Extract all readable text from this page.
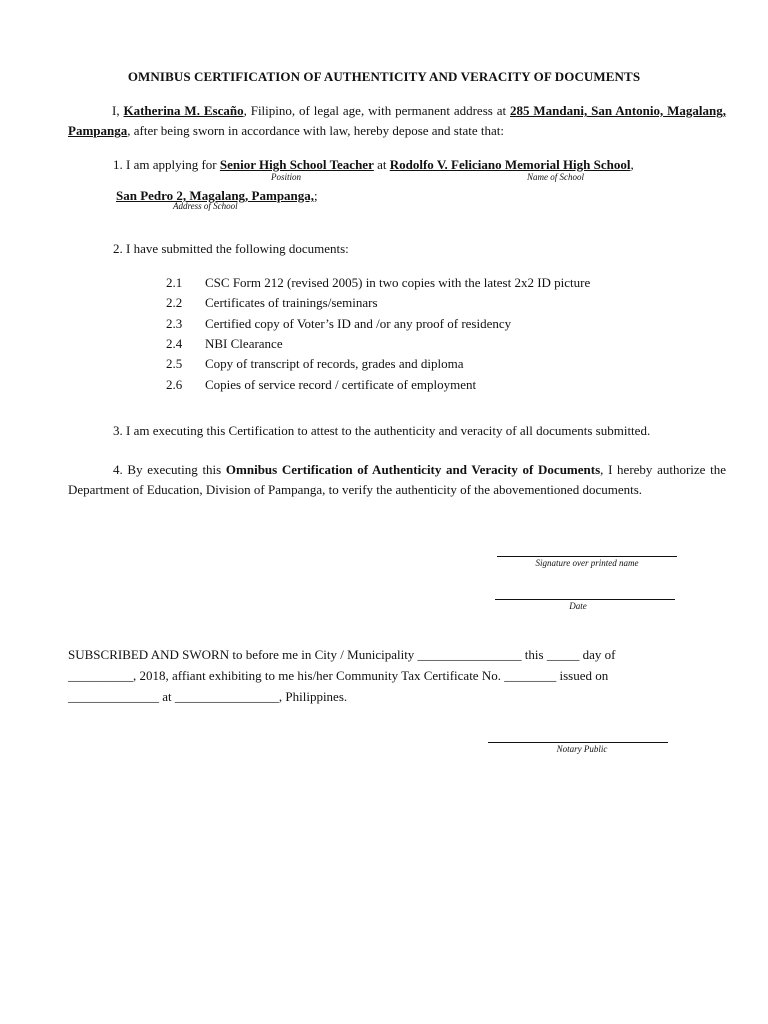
OMNIBUS CERTIFICATION OF AUTHENTICITY AND VERACITY OF DOCUMENTS
I, Katherina M. Escaño, Filipino, of legal age, with permanent address at 285 Mandani, San Antonio, Magalang, Pampanga, after being sworn in accordance with law, hereby depose and state that:
1. I am applying for Senior High School Teacher at Rodolfo V. Feliciano Memorial High School,
Position	Name of School
San Pedro 2, Magalang, Pampanga,;
Address of School
2. I have submitted the following documents:
2.1 CSC Form 212 (revised 2005) in two copies with the latest 2x2 ID picture
2.2 Certificates of trainings/seminars
2.3 Certified copy of Voter’s ID and /or any proof of residency
2.4 NBI Clearance
2.5 Copy of transcript of records, grades and diploma
2.6 Copies of service record / certificate of employment
3. I am executing this Certification to attest to the authenticity and veracity of all documents submitted.
4. By executing this Omnibus Certification of Authenticity and Veracity of Documents, I hereby authorize the Department of Education, Division of Pampanga, to verify the authenticity of the abovementioned documents.
Signature over printed name
Date
SUBSCRIBED AND SWORN to before me in City / Municipality ________________ this _____ day of
__________, 2018, affiant exhibiting to me his/her Community Tax Certificate No. ________ issued on
______________ at ________________, Philippines.
Notary Public
